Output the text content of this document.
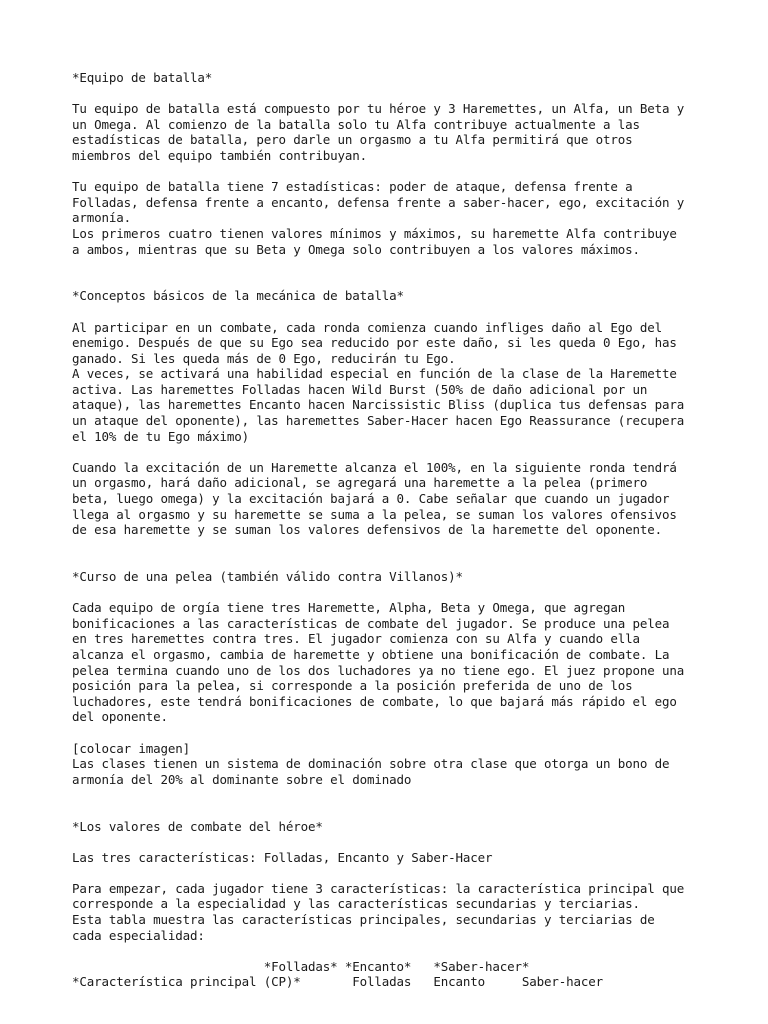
*Equipo de batalla*
Tu equipo de batalla está compuesto por tu héroe y 3 Haremettes, un Alfa, un Beta y
un Omega. Al comienzo de la batalla solo tu Alfa contribuye actualmente a las
estadísticas de batalla, pero darle un orgasmo a tu Alfa permitirá que otros
miembros del equipo también contribuyan.
Tu equipo de batalla tiene 7 estadísticas: poder de ataque, defensa frente a
Folladas, defensa frente a encanto, defensa frente a saber-hacer, ego, excitación y
armonía.
Los primeros cuatro tienen valores mínimos y máximos, su haremette Alfa contribuye
a ambos, mientras que su Beta y Omega solo contribuyen a los valores máximos.
*Conceptos básicos de la mecánica de batalla*
Al participar en un combate, cada ronda comienza cuando infliges daño al Ego del
enemigo. Después de que su Ego sea reducido por este daño, si les queda 0 Ego, has
ganado. Si les queda más de 0 Ego, reducirán tu Ego.
A veces, se activará una habilidad especial en función de la clase de la Haremette
activa. Las haremettes Folladas hacen Wild Burst (50% de daño adicional por un
ataque), las haremettes Encanto hacen Narcissistic Bliss (duplica tus defensas para
un ataque del oponente), las haremettes Saber-Hacer hacen Ego Reassurance (recupera
el 10% de tu Ego máximo)
Cuando la excitación de un Haremette alcanza el 100%, en la siguiente ronda tendrá
un orgasmo, hará daño adicional, se agregará una haremette a la pelea (primero
beta, luego omega) y la excitación bajará a 0. Cabe señalar que cuando un jugador
llega al orgasmo y su haremette se suma a la pelea, se suman los valores ofensivos
de esa haremette y se suman los valores defensivos de la haremette del oponente.
*Curso de una pelea (también válido contra Villanos)*
Cada equipo de orgía tiene tres Haremette, Alpha, Beta y Omega, que agregan
bonificaciones a las características de combate del jugador. Se produce una pelea
en tres haremettes contra tres. El jugador comienza con su Alfa y cuando ella
alcanza el orgasmo, cambia de haremette y obtiene una bonificación de combate. La
pelea termina cuando uno de los dos luchadores ya no tiene ego. El juez propone una
posición para la pelea, si corresponde a la posición preferida de uno de los
luchadores, este tendrá bonificaciones de combate, lo que bajará más rápido el ego
del oponente.
[colocar imagen]
Las clases tienen un sistema de dominación sobre otra clase que otorga un bono de
armonía del 20% al dominante sobre el dominado
*Los valores de combate del héroe*
Las tres características: Folladas, Encanto y Saber-Hacer
Para empezar, cada jugador tiene 3 características: la característica principal que
corresponde a la especialidad y las características secundarias y terciarias.
Esta tabla muestra las características principales, secundarias y terciarias de
cada especialidad:
*Folladas* *Encanto*   *Saber-hacer*
*Característica principal (CP)*       Folladas   Encanto     Saber-hacer
